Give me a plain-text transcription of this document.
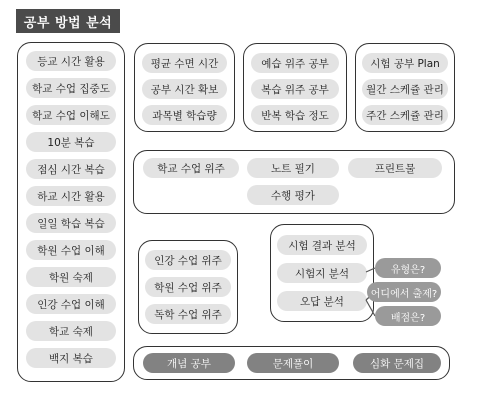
공부 방법 분석
등교 시간 활용
학교 수업 집중도
학교 수업 이해도
10분 복습
점심 시간 복습
하교 시간 활용
일일 학습 복습
학원 수업 이해
학원 숙제
인강 수업 이해
학교 숙제
백지 복습
평균 수면 시간
공부 시간 확보
과목별 학습량
예습 위주 공부
복습 위주 공부
반복 학습 정도
시험 공부 Plan
월간 스케쥴 관리
주간 스케쥴 관리
학교 수업 위주	노트 필기	프린트물
수행 평가
인강 수업 위주
학원 수업 위주
독학 수업 위주
시험 결과 분석
시험지 분석
오답 분석
유형은?
어디에서 출제?
배점은?
개념 공부	문제풀이	심화 문제집
